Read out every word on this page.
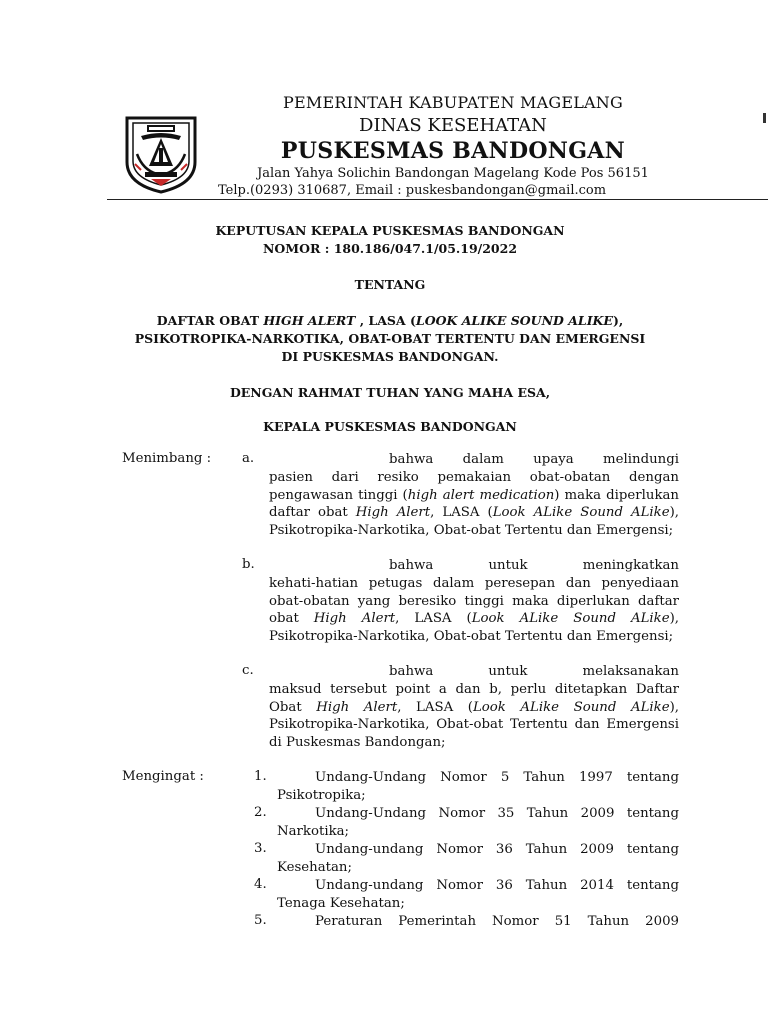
PEMERINTAH KABUPATEN MAGELANG
DINAS KESEHATAN
PUSKESMAS BANDONGAN
Jalan Yahya Solichin Bandongan Magelang Kode Pos 56151
Telp.(0293) 310687, Email : puskesbandongan@gmail.com
KEPUTUSAN KEPALA PUSKESMAS BANDONGAN
NOMOR : 180.186/047.1/05.19/2022
TENTANG
DAFTAR OBAT HIGH ALERT , LASA (LOOK ALIKE SOUND ALIKE),
PSIKOTROPIKA-NARKOTIKA, OBAT-OBAT TERTENTU DAN EMERGENSI
DI PUSKESMAS BANDONGAN.
DENGAN RAHMAT TUHAN YANG MAHA ESA,
KEPALA PUSKESMAS BANDONGAN
Menimbang : a.	bahwa dalam upaya melindungi
pasien dari resiko pemakaian obat-obatan dengan pengawasan tinggi (high alert medication) maka diperlukan daftar obat High Alert, LASA (Look ALike Sound ALike), Psikotropika-Narkotika, Obat-obat Tertentu dan Emergensi;
b.	bahwa untuk meningkatkan
kehati-hatian petugas dalam peresepan dan penyediaan obat-obatan yang beresiko tinggi maka diperlukan daftar obat High Alert, LASA (Look ALike Sound ALike), Psikotropika-Narkotika, Obat-obat Tertentu dan Emergensi;
c.	bahwa untuk melaksanakan
maksud tersebut point a dan b, perlu ditetapkan Daftar Obat High Alert, LASA (Look ALike Sound ALike), Psikotropika-Narkotika, Obat-obat Tertentu dan Emergensi di Puskesmas Bandongan;
Mengingat :	1.	Undang-Undang Nomor 5 Tahun 1997 tentang
Psikotropika;
2.	Undang-Undang Nomor 35 Tahun 2009 tentang
Narkotika;
3.	Undang-undang Nomor 36 Tahun 2009 tentang
Kesehatan;
4.	Undang-undang Nomor 36 Tahun 2014 tentang
Tenaga Kesehatan;
5.	Peraturan Pemerintah Nomor 51 Tahun 2009
